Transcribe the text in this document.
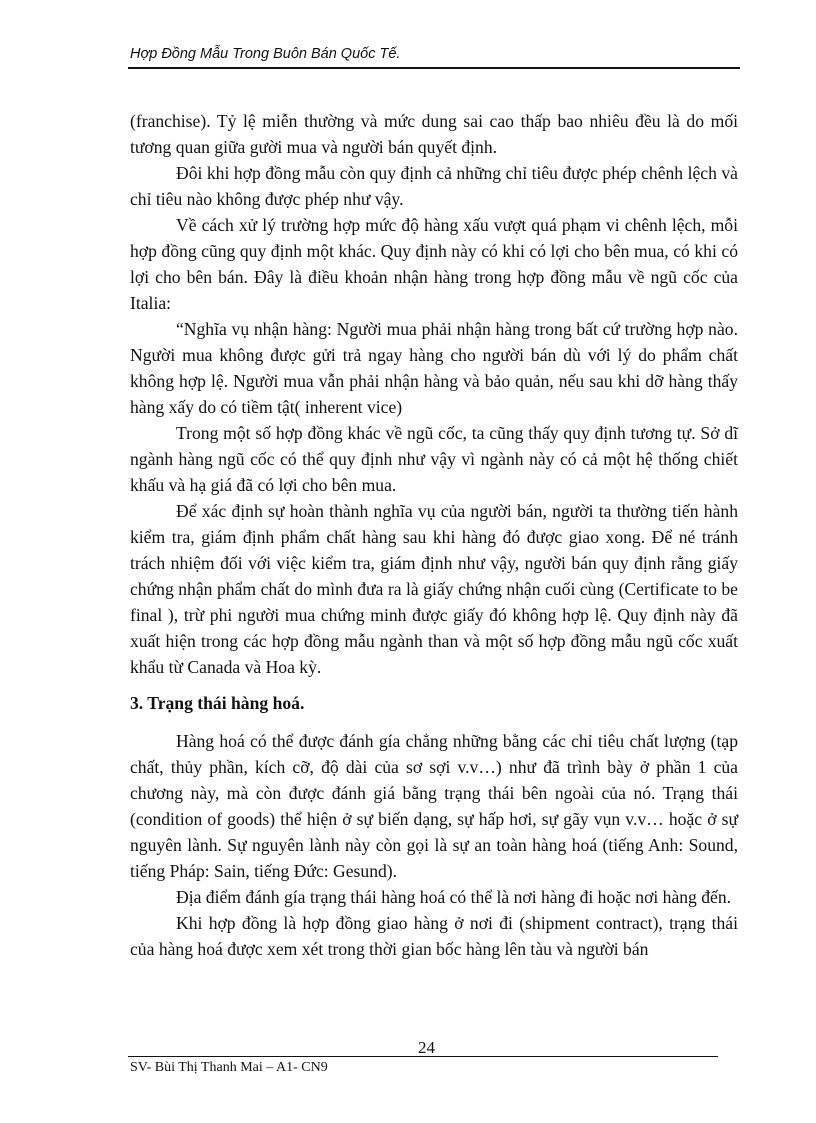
Hợp Đồng Mẫu Trong Buôn Bán Quốc Tế.

(franchise). Tỷ lệ miễn thường và mức dung sai cao thấp bao nhiêu đều là do mối tương quan giữa gười mua và người bán quyết định.

Đôi khi hợp đồng mẫu còn quy định cả những chỉ tiêu được phép chênh lệch và chỉ tiêu nào không được phép như vậy.

Về cách xử lý trường hợp mức độ hàng xấu vượt quá phạm vi chênh lệch, mỗi hợp đồng cũng quy định một khác. Quy định này có khi có lợi cho bên mua, có khi có lợi cho bên bán. Đây là điều khoản nhận hàng trong hợp đồng mẫu về ngũ cốc của Italia:

“Nghĩa vụ nhận hàng: Người mua phải nhận hàng trong bất cứ trường hợp nào. Người mua không được gửi trả ngay hàng cho người bán dù với lý do phẩm chất không hợp lệ. Người mua vẫn phải nhận hàng và bảo quản, nếu sau khi dỡ hàng thấy hàng xấy do có tiềm tật( inherent vice)

Trong một số hợp đồng khác về ngũ cốc, ta cũng thấy quy định tương tự. Sở dĩ ngành hàng ngũ cốc có thể quy định như vậy vì ngành này có cả một hệ thống chiết khấu và hạ giá đã có lợi cho bên mua.

Để xác định sự hoàn thành nghĩa vụ của người bán, người ta thường tiến hành kiểm tra, giám định phẩm chất hàng sau khi hàng đó được giao xong. Để né tránh trách nhiệm đối với việc kiểm tra, giám định như vậy, người bán quy định rằng giấy chứng nhận phẩm chất do mình đưa ra là giấy chứng nhận cuối cùng (Certificate to be final ), trừ phi người mua chứng minh được giấy đó không hợp lệ. Quy định này đã xuất hiện trong các hợp đồng mẫu ngành than và một số hợp đồng mẫu ngũ cốc xuất khẩu từ Canada và Hoa kỳ.

3. Trạng thái hàng hoá.

Hàng hoá có thể được đánh gía chẳng những bằng các chỉ tiêu chất lượng (tạp chất, thủy phần, kích cỡ, độ dài của sơ sợi v.v…) như đã trình bày ở phần 1 của chương này, mà còn được đánh giá bằng trạng thái bên ngoài của nó. Trạng thái (condition of goods) thể hiện ở sự biến dạng, sự hấp hơi, sự gãy vụn v.v… hoặc ở sự nguyên lành. Sự nguyên lành này còn gọi là sự an toàn hàng hoá (tiếng Anh: Sound, tiếng Pháp: Sain, tiếng Đức: Gesund).

Địa điểm đánh gía trạng thái hàng hoá có thể là nơi hàng đi hoặc nơi hàng đến.

Khi hợp đồng là hợp đồng giao hàng ở nơi đi (shipment contract), trạng thái của hàng hoá được xem xét trong thời gian bốc hàng lên tàu và người bán

24
SV- Bùi Thị Thanh Mai – A1- CN9
